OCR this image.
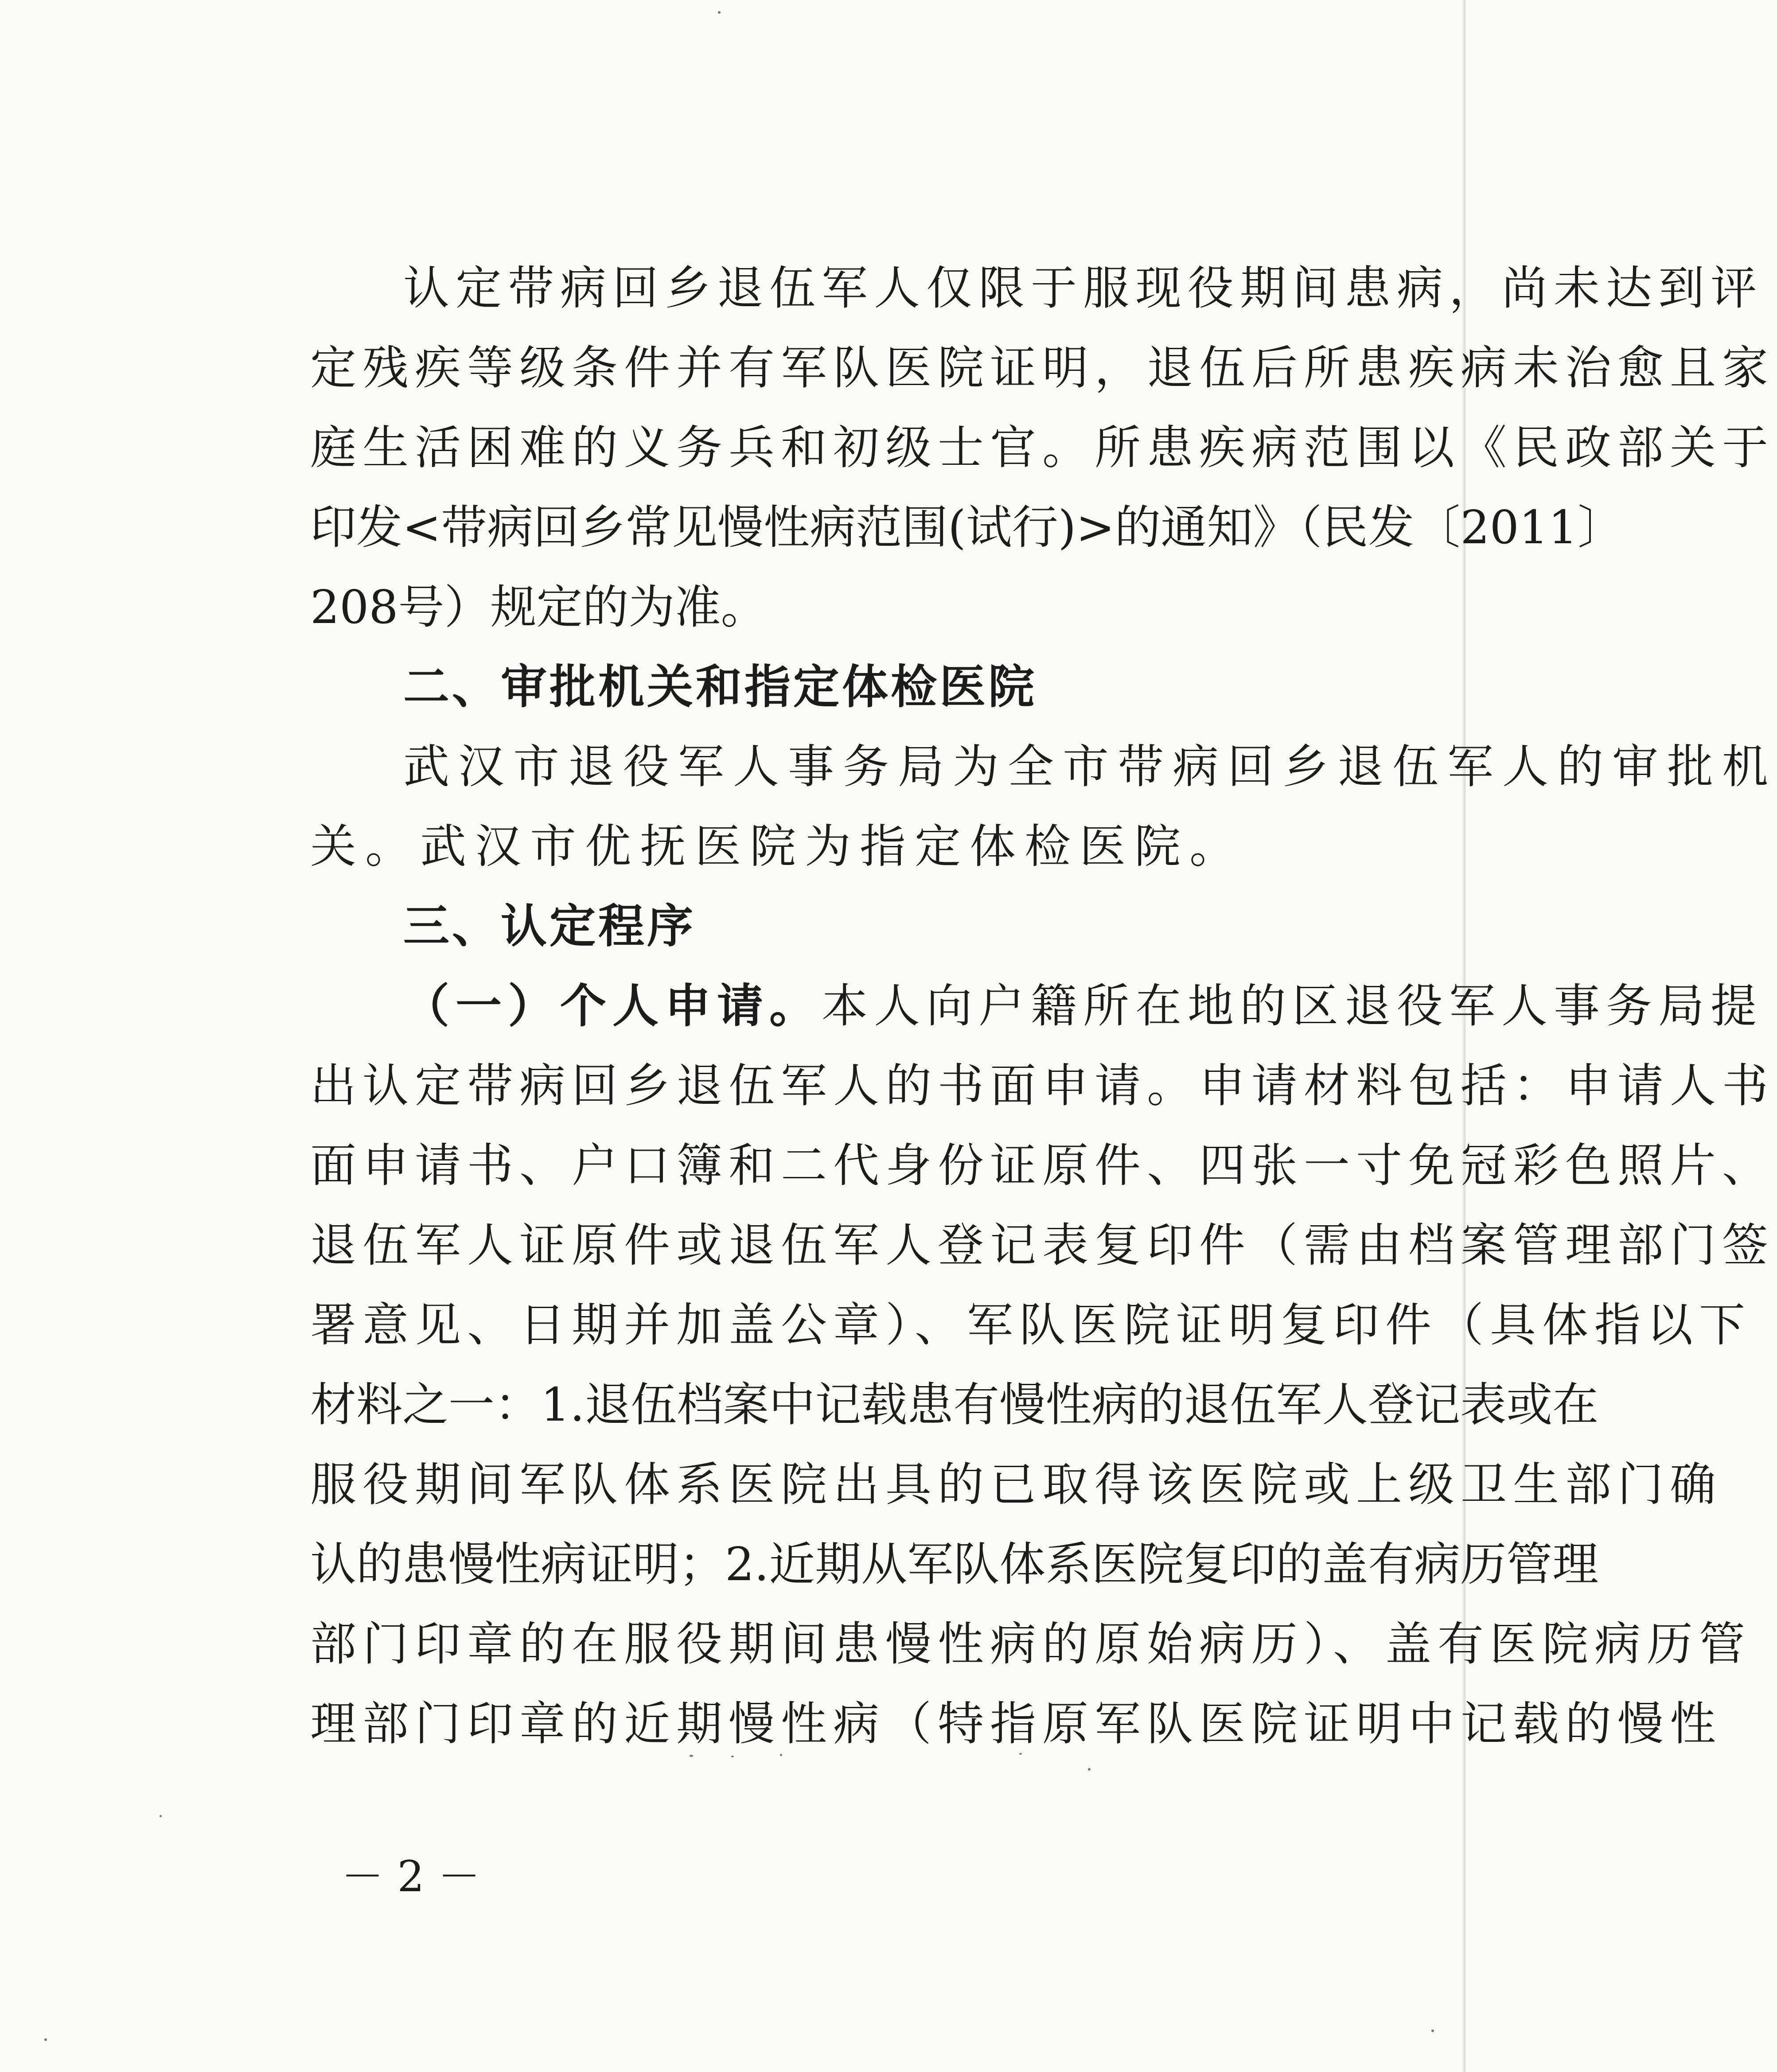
认定带病回乡退伍军人仅限于服现役期间患病，尚未达到评
定残疾等级条件并有军队医院证明，退伍后所患疾病未治愈且家
庭生活困难的义务兵和初级士官。所患疾病范围以《民政部关于
印发<带病回乡常见慢性病范围(试行)>的通知》（民发〔2011〕
208号）规定的为准。
二、审批机关和指定体检医院
武汉市退役军人事务局为全市带病回乡退伍军人的审批机
关。武汉市优抚医院为指定体检医院。
三、认定程序
（一）个人申请。本人向户籍所在地的区退役军人事务局提
出认定带病回乡退伍军人的书面申请。申请材料包括：申请人书
面申请书、户口簿和二代身份证原件、四张一寸免冠彩色照片、
退伍军人证原件或退伍军人登记表复印件（需由档案管理部门签
署意见、日期并加盖公章）、军队医院证明复印件（具体指以下
材料之一：1.退伍档案中记载患有慢性病的退伍军人登记表或在
服役期间军队体系医院出具的已取得该医院或上级卫生部门确
认的患慢性病证明；2.近期从军队体系医院复印的盖有病历管理
部门印章的在服役期间患慢性病的原始病历）、盖有医院病历管
理部门印章的近期慢性病（特指原军队医院证明中记载的慢性
－ 2 －
